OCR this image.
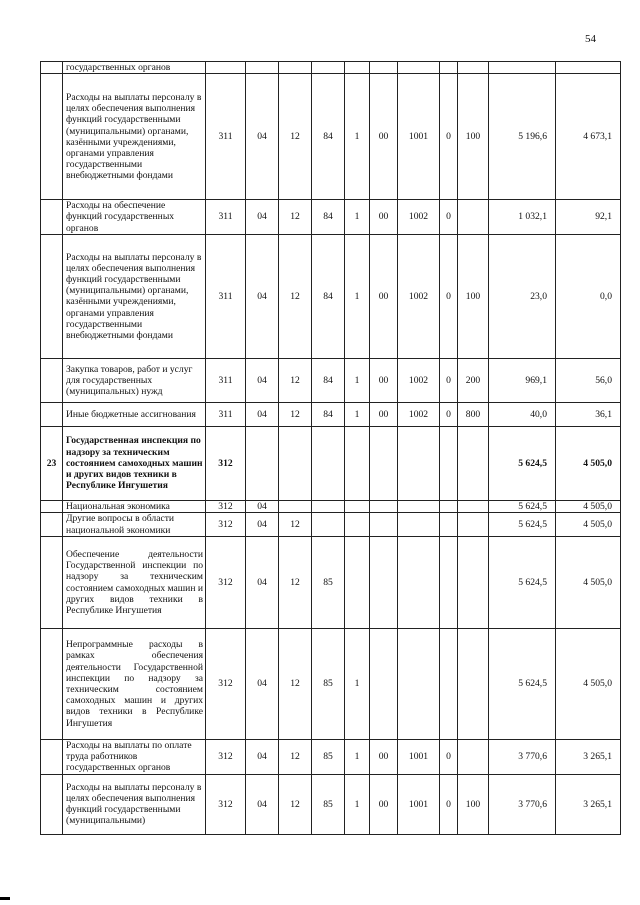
54
	государственных органов											
	Расходы на выплаты персоналу в целях обеспечения выполнения функций государственными (муниципальными) органами, казёнными учреждениями, органами управления государственными внебюджетными фондами	311	04	12	84	1	00	1001	0	100	5 196,6	4 673,1
	Расходы на обеспечение функций государственных органов	311	04	12	84	1	00	1002	0		1 032,1	92,1
	Расходы на выплаты персоналу в целях обеспечения выполнения функций государственными (муниципальными) органами, казёнными учреждениями, органами управления государственными внебюджетными фондами	311	04	12	84	1	00	1002	0	100	23,0	0,0
	Закупка товаров, работ и услуг для государственных (муниципальных) нужд	311	04	12	84	1	00	1002	0	200	969,1	56,0
	Иные бюджетные ассигнования	311	04	12	84	1	00	1002	0	800	40,0	36,1
23	Государственная инспекция по надзору за техническим состоянием самоходных машин и других видов техники в Республике Ингушетия	312									5 624,5	4 505,0
	Национальная экономика	312	04								5 624,5	4 505,0
	Другие вопросы в области национальной экономики	312	04	12							5 624,5	4 505,0
	Обеспечение деятельности Государственной инспекции по надзору за техническим состоянием самоходных машин и других видов техники в Республике Ингушетия	312	04	12	85						5 624,5	4 505,0
	Непрограммные расходы в рамках обеспечения деятельности Государственной инспекции по надзору за техническим состоянием самоходных машин и других видов техники в Республике Ингушетия	312	04	12	85	1					5 624,5	4 505,0
	Расходы на выплаты по оплате труда работников государственных органов	312	04	12	85	1	00	1001	0		3 770,6	3 265,1
	Расходы на выплаты персоналу в целях обеспечения выполнения функций государственными (муниципальными)	312	04	12	85	1	00	1001	0	100	3 770,6	3 265,1
